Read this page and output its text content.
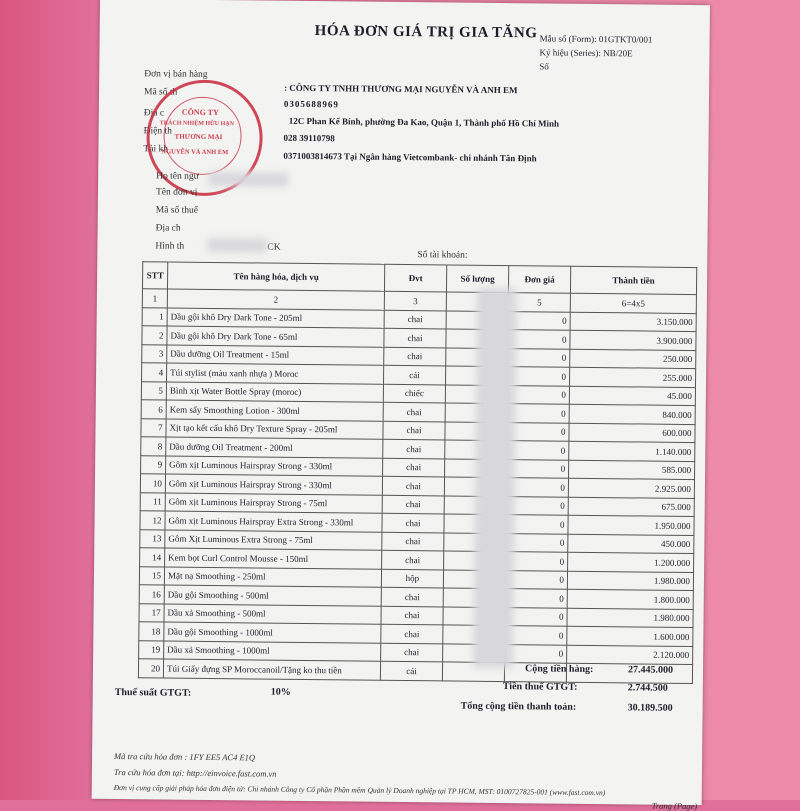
HÓA ĐƠN GIÁ TRỊ GIA TĂNG Mẫu số (Form): 01GTKT0/001
Ký hiệu (Series): NB/20E
Số
Đơn vị bán hàng
Mã số th
Địa c
Điện th
Tài kh
: CÔNG TY TNHH THƯƠNG MẠI NGUYỄN VÀ ANH EM
0305688969
12C Phan Kế Bính, phường Đa Kao, Quận 1, Thành phố Hồ Chí Minh
028 39110798
0371003814673 Tại Ngân hàng Vietcombank- chi nhánh Tân Định
CÔNG TY
TRÁCH NHIỆM HỮU HẠN
THƯƠNG MẠI
NGUYỄN VÀ ANH EM
Họ tên ngư
Tên đơn vị
Mã số thuế
Địa ch
Hình th	CK
Số tài khoản:
STT	Tên hàng hóa, dịch vụ	Đvt	Số lượng	Đơn giá	Thành tiền
1	2	3		5	6=4x5
1	Dầu gội khô Dry Dark Tone - 205ml	chai		0	3.150.000
2	Dầu gội khô Dry Dark Tone - 65ml	chai		0	3.900.000
3	Dầu dưỡng Oil Treatment - 15ml	chai		0	250.000
4	Túi stylist (màu xanh nhựa ) Moroc	cái		0	255.000
5	Bình xịt Water Bottle Spray (moroc)	chiếc		0	45.000
6	Kem sấy Smoothing Lotion - 300ml	chai		0	840.000
7	Xịt tạo kết cấu khô Dry Texture Spray - 205ml	chai		0	600.000
8	Dầu dưỡng Oil Treatment - 200ml	chai		0	1.140.000
9	Gôm xịt Luminous Hairspray Strong - 330ml	chai		0	585.000
10	Gôm xịt Luminous Hairspray Strong - 330ml	chai		0	2.925.000
11	Gôm xịt Luminous Hairspray Strong - 75ml	chai		0	675.000
12	Gôm xịt Luminous Hairspray Extra Strong - 330ml	chai		0	1.950.000
13	Gôm Xịt Luminous Extra Strong - 75ml	chai		0	450.000
14	Kem bọt Curl Control Mousse - 150ml	chai		0	1.200.000
15	Mặt nạ Smoothing - 250ml	hộp		0	1.980.000
16	Dầu gội Smoothing - 500ml	chai		0	1.800.000
17	Dầu xả Smoothing - 500ml	chai		0	1.980.000
18	Dầu gội Smoothing - 1000ml	chai		0	1.600.000
19	Dầu xả Smoothing - 1000ml	chai		0	2.120.000
20	Túi Giấy đựng SP Moroccanoil/Tặng ko thu tiền	cái				Cộng tiền hàng:	27.445.000
Thuế suất GTGT:	10%	Tiền thuế GTGT:	2.744.500
Tổng cộng tiền thanh toán:	30.189.500
Mã tra cứu hóa đơn : 1FY EE5 AC4 E1Q
Tra cứu hóa đơn tại: http://einvoice.fast.com.vn
Đơn vị cung cấp giải pháp hóa đơn điện tử: Chi nhánh Công ty Cổ phần Phần mềm Quản lý Doanh nghiệp tại TP HCM, MST: 0100727825-001 (www.fast.com.vn)
Trang (Page)
